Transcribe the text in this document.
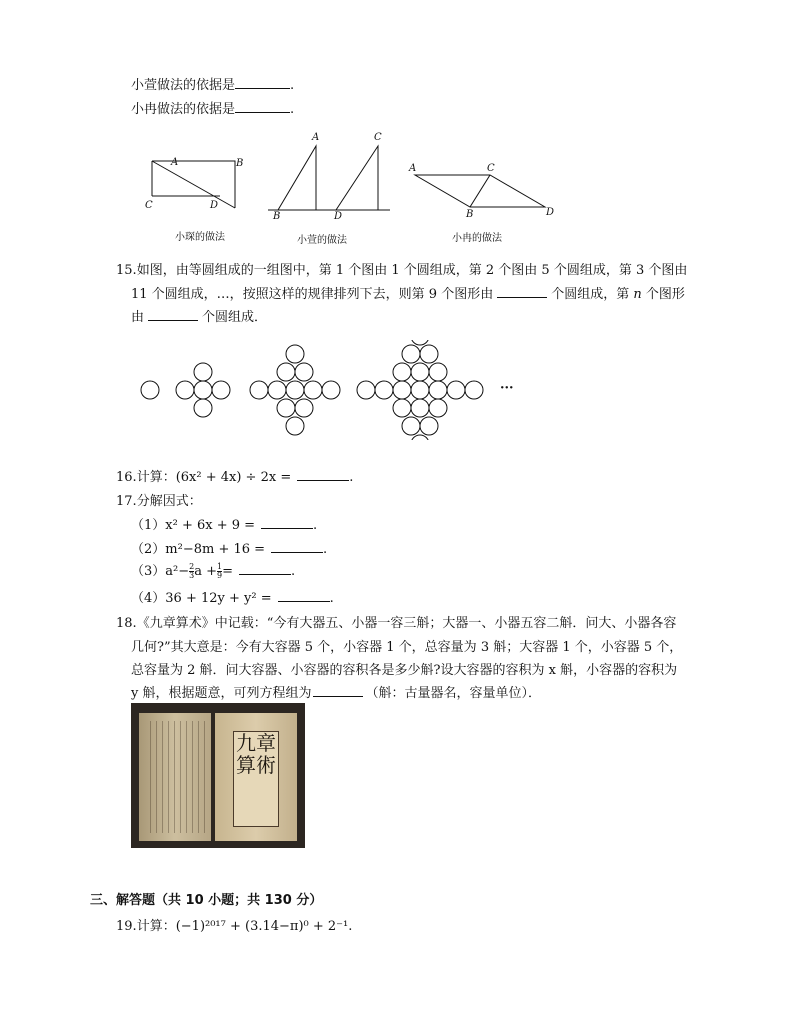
小萱做法的依据是	.
小冉做法的依据是	.
A	B
C	D
A	C
B	D
A	C
B	D
小琛的做法	小萱的做法	小冉的做法
15.如图，由等圆组成的一组图中，第 1 个图由 1 个圆组成，第 2 个图由 5 个圆组成，第 3 个图由
11 个圆组成，…，按照这样的规律排列下去，则第 9 个图形由	个圆组成，第 n 个图形
由	个圆组成．
···
16.计算：(6x² + 4x) ÷ 2x =	.
17.分解因式：
（1）x² + 6x + 9 =	.
（2）m²−8m + 16 =	.
$(3)a^2- \frac{2}{3}$ $a + \frac{1}{9}$ =	.
（4）36 + 12y + y² =	.
18.《九章算术》中记载：“今有大器五、小器一容三斛；大器一、小器五容二斛．问大、小器各容
几何?”其大意是：今有大容器 5 个，小容器 1 个，总容量为 3 斛；大容器 1 个，小容器 5 个，
总容量为 2 斛．问大容器、小容器的容积各是多少斛?设大容器的容积为 x 斛，小容器的容积为
y 斛，根据题意，可列方程组为	（斛：古量器名，容量单位）．
九章算術
三、解答题（共 10 小题；共 130 分）
19.计算：(−1)²⁰¹⁷ + (3.14−π)⁰ + 2⁻¹.
